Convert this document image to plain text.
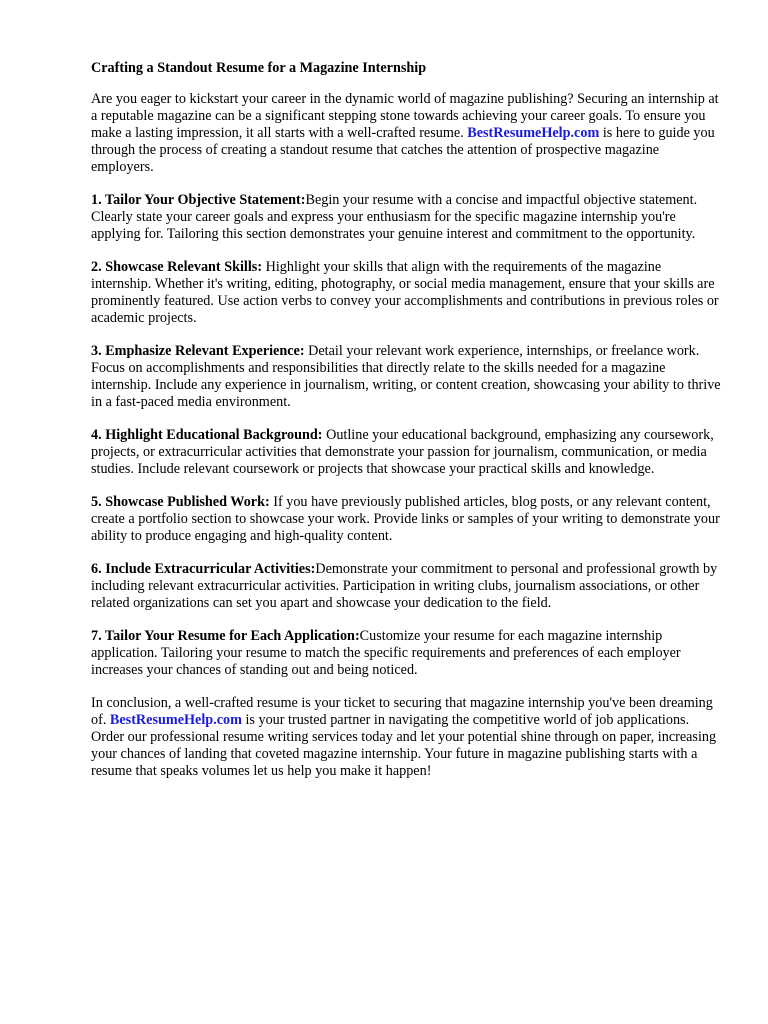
Crafting a Standout Resume for a Magazine Internship

Are you eager to kickstart your career in the dynamic world of magazine publishing? Securing an internship at a reputable magazine can be a significant stepping stone towards achieving your career goals. To ensure you make a lasting impression, it all starts with a well-crafted resume. BestResumeHelp.com is here to guide you through the process of creating a standout resume that catches the attention of prospective magazine employers.

1. Tailor Your Objective Statement:Begin your resume with a concise and impactful objective statement. Clearly state your career goals and express your enthusiasm for the specific magazine internship you're applying for. Tailoring this section demonstrates your genuine interest and commitment to the opportunity.

2. Showcase Relevant Skills: Highlight your skills that align with the requirements of the magazine internship. Whether it's writing, editing, photography, or social media management, ensure that your skills are prominently featured. Use action verbs to convey your accomplishments and contributions in previous roles or academic projects.

3. Emphasize Relevant Experience: Detail your relevant work experience, internships, or freelance work. Focus on accomplishments and responsibilities that directly relate to the skills needed for a magazine internship. Include any experience in journalism, writing, or content creation, showcasing your ability to thrive in a fast-paced media environment.

4. Highlight Educational Background: Outline your educational background, emphasizing any coursework, projects, or extracurricular activities that demonstrate your passion for journalism, communication, or media studies. Include relevant coursework or projects that showcase your practical skills and knowledge.

5. Showcase Published Work: If you have previously published articles, blog posts, or any relevant content, create a portfolio section to showcase your work. Provide links or samples of your writing to demonstrate your ability to produce engaging and high-quality content.

6. Include Extracurricular Activities:Demonstrate your commitment to personal and professional growth by including relevant extracurricular activities. Participation in writing clubs, journalism associations, or other related organizations can set you apart and showcase your dedication to the field.

7. Tailor Your Resume for Each Application:Customize your resume for each magazine internship application. Tailoring your resume to match the specific requirements and preferences of each employer increases your chances of standing out and being noticed.

In conclusion, a well-crafted resume is your ticket to securing that magazine internship you've been dreaming of. BestResumeHelp.com is your trusted partner in navigating the competitive world of job applications. Order our professional resume writing services today and let your potential shine through on paper, increasing your chances of landing that coveted magazine internship. Your future in magazine publishing starts with a resume that speaks volumes let us help you make it happen!
